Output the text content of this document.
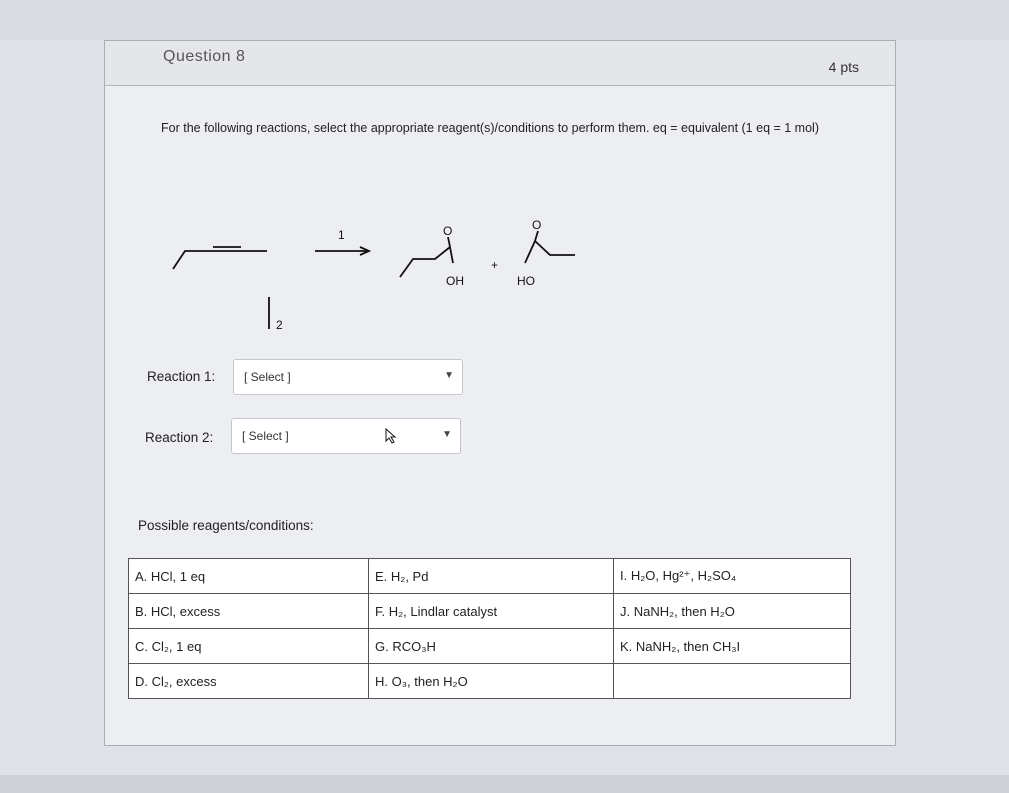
Question 8
4 pts
For the following reactions, select the appropriate reagent(s)/conditions to perform them. eq = equivalent (1 eq = 1 mol)
1
2
O
OH
+
O
HO
Reaction 1: [ Select ]	▼
Reaction 2: [ Select ]	▼
Possible reagents/conditions:
A. HCl, 1 eq	E. H₂, Pd	I. H₂O, Hg²⁺, H₂SO₄
B. HCl, excess	F. H₂, Lindlar catalyst	J. NaNH₂, then H₂O
C. Cl₂, 1 eq	G. RCO₃H	K. NaNH₂, then CH₃I
D. Cl₂, excess	H. O₃, then H₂O	
